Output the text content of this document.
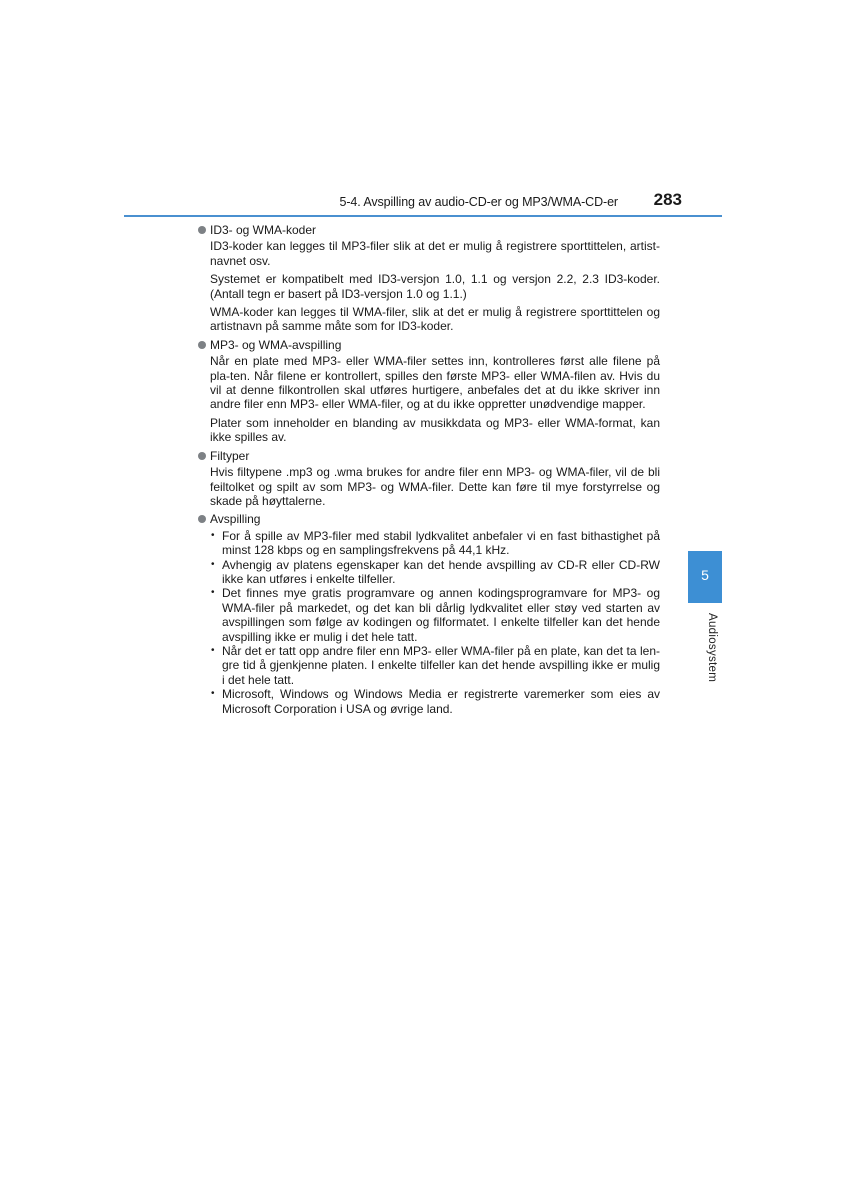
5-4. Avspilling av audio-CD-er og MP3/WMA-CD-er 283
5
Audiosystem
ID3- og WMA-koder

ID3-koder kan legges til MP3-filer slik at det er mulig å registrere sporttittelen, artist-navnet osv.

Systemet er kompatibelt med ID3-versjon 1.0, 1.1 og versjon 2.2, 2.3 ID3-koder. (Antall tegn er basert på ID3-versjon 1.0 og 1.1.)

WMA-koder kan legges til WMA-filer, slik at det er mulig å registrere sporttittelen og artistnavn på samme måte som for ID3-koder.

MP3- og WMA-avspilling

Når en plate med MP3- eller WMA-filer settes inn, kontrolleres først alle filene på pla-ten. Når filene er kontrollert, spilles den første MP3- eller WMA-filen av. Hvis du vil at denne filkontrollen skal utføres hurtigere, anbefales det at du ikke skriver inn andre filer enn MP3- eller WMA-filer, og at du ikke oppretter unødvendige mapper.

Plater som inneholder en blanding av musikkdata og MP3- eller WMA-format, kan ikke spilles av.

Filtyper

Hvis filtypene .mp3 og .wma brukes for andre filer enn MP3- og WMA-filer, vil de bli feiltolket og spilt av som MP3- og WMA-filer. Dette kan føre til mye forstyrrelse og skade på høyttalerne.

Avspilling
• For å spille av MP3-filer med stabil lydkvalitet anbefaler vi en fast bithastighet på minst 128 kbps og en samplingsfrekvens på 44,1 kHz.
• Avhengig av platens egenskaper kan det hende avspilling av CD-R eller CD-RW ikke kan utføres i enkelte tilfeller.
• Det finnes mye gratis programvare og annen kodingsprogramvare for MP3- og WMA-filer på markedet, og det kan bli dårlig lydkvalitet eller støy ved starten av avspillingen som følge av kodingen og filformatet. I enkelte tilfeller kan det hende avspilling ikke er mulig i det hele tatt.
• Når det er tatt opp andre filer enn MP3- eller WMA-filer på en plate, kan det ta len-gre tid å gjenkjenne platen. I enkelte tilfeller kan det hende avspilling ikke er mulig i det hele tatt.
• Microsoft, Windows og Windows Media er registrerte varemerker som eies av Microsoft Corporation i USA og øvrige land.
